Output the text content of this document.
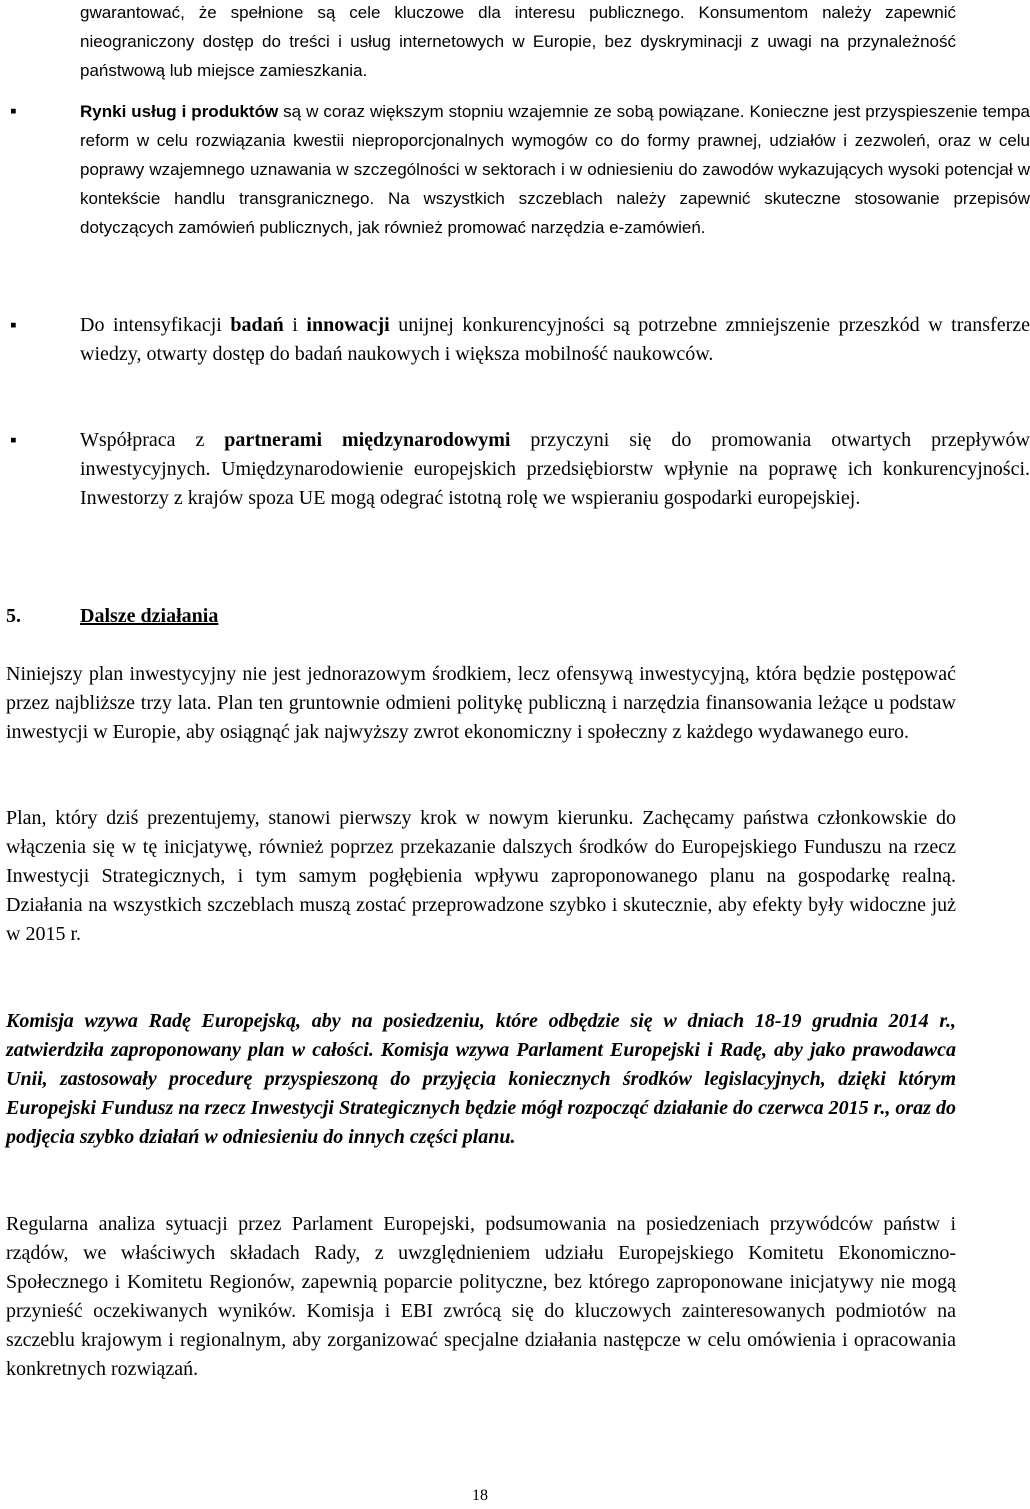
gwarantować, że spełnione są cele kluczowe dla interesu publicznego. Konsumentom należy zapewnić nieograniczony dostęp do treści i usług internetowych w Europie, bez dyskryminacji z uwagi na przynależność państwową lub miejsce zamieszkania.

▪	Rynki usług i produktów są w coraz większym stopniu wzajemnie ze sobą powiązane. Konieczne jest przyspieszenie tempa reform w celu rozwiązania kwestii nieproporcjonalnych wymogów co do formy prawnej, udziałów i zezwoleń, oraz w celu poprawy wzajemnego uznawania w szczególności w sektorach i w odniesieniu do zawodów wykazujących wysoki potencjał w kontekście handlu transgranicznego. Na wszystkich szczeblach należy zapewnić skuteczne stosowanie przepisów dotyczących zamówień publicznych, jak również promować narzędzia e-zamówień.

▪	Do intensyfikacji badań i innowacji unijnej konkurencyjności są potrzebne zmniejszenie przeszkód w transferze wiedzy, otwarty dostęp do badań naukowych i większa mobilność naukowców.

▪	Współpraca z partnerami międzynarodowymi przyczyni się do promowania otwartych przepływów inwestycyjnych. Umiędzynarodowienie europejskich przedsiębiorstw wpłynie na poprawę ich konkurencyjności. Inwestorzy z krajów spoza UE mogą odegrać istotną rolę we wspieraniu gospodarki europejskiej.

5.	Dalsze działania

Niniejszy plan inwestycyjny nie jest jednorazowym środkiem, lecz ofensywą inwestycyjną, która będzie postępować przez najbliższe trzy lata. Plan ten gruntownie odmieni politykę publiczną i narzędzia finansowania leżące u podstaw inwestycji w Europie, aby osiągnąć jak najwyższy zwrot ekonomiczny i społeczny z każdego wydawanego euro.

Plan, który dziś prezentujemy, stanowi pierwszy krok w nowym kierunku. Zachęcamy państwa członkowskie do włączenia się w tę inicjatywę, również poprzez przekazanie dalszych środków do Europejskiego Funduszu na rzecz Inwestycji Strategicznych, i tym samym pogłębienia wpływu zaproponowanego planu na gospodarkę realną. Działania na wszystkich szczeblach muszą zostać przeprowadzone szybko i skutecznie, aby efekty były widoczne już w 2015 r.

Komisja wzywa Radę Europejską, aby na posiedzeniu, które odbędzie się w dniach 18-19 grudnia 2014 r., zatwierdziła zaproponowany plan w całości. Komisja wzywa Parlament Europejski i Radę, aby jako prawodawca Unii, zastosowały procedurę przyspieszoną do przyjęcia koniecznych środków legislacyjnych, dzięki którym Europejski Fundusz na rzecz Inwestycji Strategicznych będzie mógł rozpocząć działanie do czerwca 2015 r., oraz do podjęcia szybko działań w odniesieniu do innych części planu.

Regularna analiza sytuacji przez Parlament Europejski, podsumowania na posiedzeniach przywódców państw i rządów, we właściwych składach Rady, z uwzględnieniem udziału Europejskiego Komitetu Ekonomiczno-Społecznego i Komitetu Regionów, zapewnią poparcie polityczne, bez którego zaproponowane inicjatywy nie mogą przynieść oczekiwanych wyników. Komisja i EBI zwrócą się do kluczowych zainteresowanych podmiotów na szczeblu krajowym i regionalnym, aby zorganizować specjalne działania następcze w celu omówienia i opracowania konkretnych rozwiązań.

18
